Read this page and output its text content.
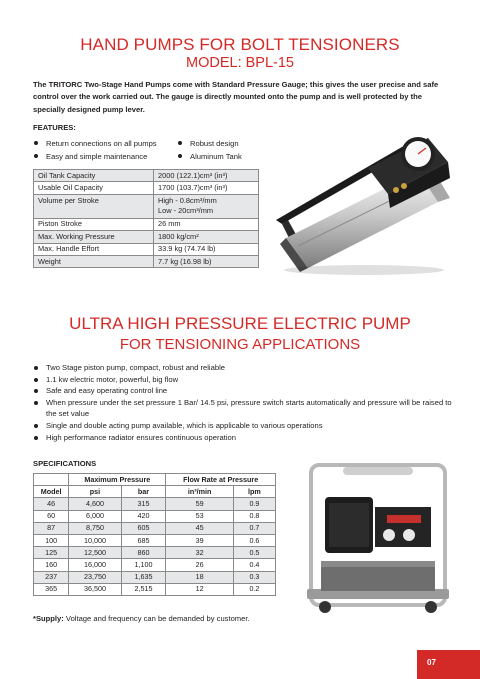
HAND PUMPS FOR BOLT TENSIONERS
MODEL: BPL-15

The TRITORC Two-Stage Hand Pumps come with Standard Pressure Gauge; this gives the user precise and safe control over the work carried out. The gauge is directly mounted onto the pump and is well protected by the specially designed pump lever.

FEATURES:
Return connections on all pumps
Easy and simple maintenance
Robust design
Aluminum Tank
Oil Tank Capacity	2000 (122.1)cm³ (in³)
Usable Oil Capacity	1700 (103.7)cm³ (in³)
Volume per Stroke	High - 0.8cm³/mm
Low - 20cm³/mm

Piston Stroke	26 mm
Max. Working Pressure	1800 kg/cm²
Max. Handle Effort	33.9 kg (74.74 lb)
Weight	7.7 kg (16.98 lb)
ULTRA HIGH PRESSURE ELECTRIC PUMP
FOR TENSIONING APPLICATIONS
Two Stage piston pump, compact, robust and reliable
1.1 kw electric motor, powerful, big flow
Safe and easy operating control line
When pressure under the set pressure 1 Bar/ 14.5 psi, pressure switch starts automatically and pressure will be raised to the set value
Single and double acting pump available, which is applicable to various operations
High performance radiator ensures continuous operation
SPECIFICATIONS
	Maximum Pressure		Flow Rate at Pressure	
Model	psi	bar	in³/min	lpm
46	4,600	315	59	0.9
60	6,000	420	53	0.8
87	8,750	605	45	0.7
100	10,000	685	39	0.6
125	12,500	860	32	0.5
160	16,000	1,100	26	0.4
237	23,750	1,635	18	0.3
365	36,500	2,515	12	0.2

*Supply: Voltage and frequency can be demanded by customer.

07
